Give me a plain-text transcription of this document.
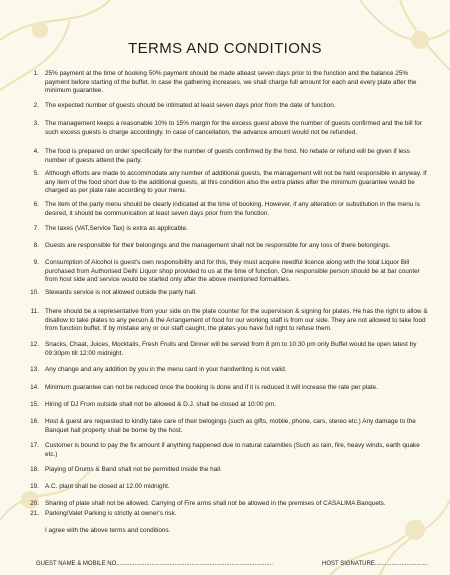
TERMS AND CONDITIONS
1. 25% payment at the time of booking 50% payment should be made atleast seven days prior to the function and the balance 25% payment before starting of the buffet. In case the gathering increases, we shall charge full amount for each and every plate after the minimum guarantee.
2. The expected number of guests should be intimated at least seven days prior from the date of function.
3. The management keeps a reasonable 10% to 15% margin for the excess guest above the number of guests confirmed and the bill for such excess guests is charge accordingly. In case of cancellation, the advance amount would not be refunded.
4. The food is prepared on order specifically for the number of guests confirmed by the host. No rebate or refund will be given if less number of guests attend the party.
5. Although efforts are made to accommodate any number of additional guests, the management will not be held responsible in anyway. If any item of the food short due to the additional guests, at this condition also the extra plates after the minimum guarantee would be charged as per plate rate according to your menu.
6. The item of the party menu should be clearly indicated at the time of booking. However, if any alteration or substitution in the menu is desired, it should be communication at least seven days prior from the function.
7. The taxes (VAT,Service Tax) is extra as applicable.
8. Guests are responsible for their belongings and the management shall not be responsible for any loss of there belongings.
9. Consumption of Alcohol is guest's own responsibility and for this, they must acquire needful licence along with the total Liquor Bill purchased from Authorised Delhi Liquor shop provided to us at the time of function. One responsible person should be at bar counter from host side and service would be started only after the above mentioned formalities.
10. Stewards service is not allowed outside the party hall.
11. There should be a representative from your side on the plate counter for the supervision & signing for plates. He has the right to allow & disallow to take plates to any person & the Arrangement of food for our working staff is from our side. They are not allowed to take food from function buffet. If by mistake any or our staff caught, the plates you have full right to refuse them.
12. Snacks, Chaat, Juices, Mocktails, Fresh Fruits and Dinner will be served from 8 pm to 10:30 pm only Buffet would be open latest by 09:30pm till 12:00 midnight.
13. Any change and any addition by you in the menu card in your handwriting is not valid.
14. Minimum guarantee can not be reduced once the booking is done and if it is reduced it will increase the rate per plate.
15. Hiring of DJ From outside shall not be allowed & D.J. shall be closed at 10:00 pm.
16. Host & guest are requested to kindly take care of their belogings (such as gifts, mobile, phone, cars, stereo etc.) Any damage to the Banquet hall property shall be borne by the host.
17. Customer is bound to pay the fix amount if anything happened due to natural calamities (Such as rain, fire, heavy winds, earth quake etc.)
18. Playing of Drums & Band shall not be permitted inside the hall.
19. A.C. plant shall be closed at 12.00 midnight.
20. Sharing of plate shall not be allowed. Carrying of Fire arms shall not be allowed in the premises of CASALIMA Banquets.
21. Parking/Valet Parking is strictly at owner's risk.
I agree with the above terms and conditions.
GUEST NAME & MOBILE NO..............................................................................................	HOST SIGNATURE................................
